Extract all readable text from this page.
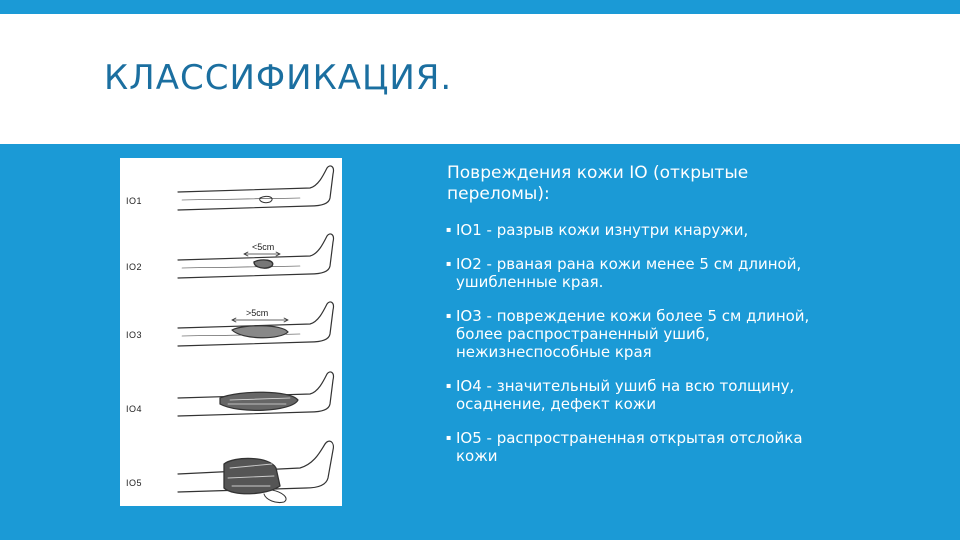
КЛАССИФИКАЦИЯ.
IO1
IO2
IO3
IO4
IO5
<5cm
>5cm

Повреждения кожи IO (открытые переломы):

▪ IO1 - разрыв кожи изнутри кнаружи,
▪ IO2 - рваная рана кожи менее 5 см длиной, ушибленные края.
▪ IO3 - повреждение кожи более 5 см длиной, более распространенный ушиб, нежизнеспособные края
▪ IO4 - значительный ушиб на всю толщину, осаднение, дефект кожи
▪ IO5 - распространенная открытая отслойка кожи
